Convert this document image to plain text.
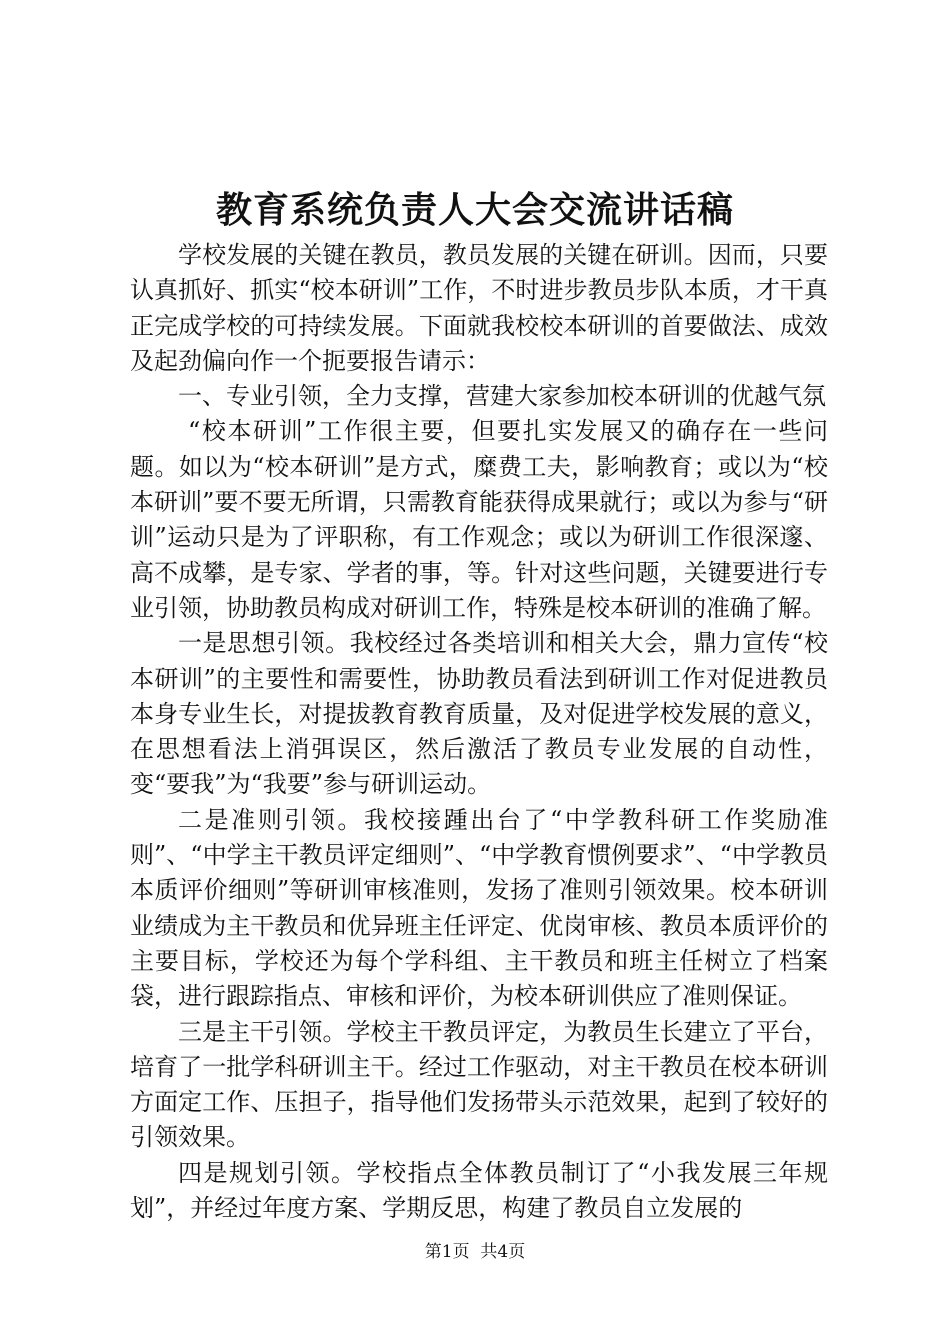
教育系统负责人大会交流讲话稿

学校发展的关键在教员，教员发展的关键在研训。因而，只要认真抓好、抓实“校本研训”工作，不时进步教员步队本质，才干真正完成学校的可持续发展。下面就我校校本研训的首要做法、成效及起劲偏向作一个扼要报告请示：

一、专业引领，全力支撑，营建大家参加校本研训的优越气氛

“校本研训”工作很主要，但要扎实发展又的确存在一些问题。如以为“校本研训”是方式，糜费工夫，影响教育；或以为“校本研训”要不要无所谓，只需教育能获得成果就行；或以为参与“研训”运动只是为了评职称，有工作观念；或以为研训工作很深邃、高不成攀，是专家、学者的事，等。针对这些问题，关键要进行专业引领，协助教员构成对研训工作，特殊是校本研训的准确了解。

一是思想引领。我校经过各类培训和相关大会，鼎力宣传“校本研训”的主要性和需要性，协助教员看法到研训工作对促进教员本身专业生长，对提拔教育教育质量，及对促进学校发展的意义，在思想看法上消弭误区，然后激活了教员专业发展的自动性，变“要我”为“我要”参与研训运动。

二是准则引领。我校接踵出台了“中学教科研工作奖励准则”、“中学主干教员评定细则”、“中学教育惯例要求”、“中学教员本质评价细则”等研训审核准则，发扬了准则引领效果。校本研训业绩成为主干教员和优异班主任评定、优岗审核、教员本质评价的主要目标，学校还为每个学科组、主干教员和班主任树立了档案袋，进行跟踪指点、审核和评价，为校本研训供应了准则保证。

三是主干引领。学校主干教员评定，为教员生长建立了平台，培育了一批学科研训主干。经过工作驱动，对主干教员在校本研训方面定工作、压担子，指导他们发扬带头示范效果，起到了较好的引领效果。

四是规划引领。学校指点全体教员制订了“小我发展三年规划”，并经过年度方案、学期反思，构建了教员自立发展的

第1页 共4页
